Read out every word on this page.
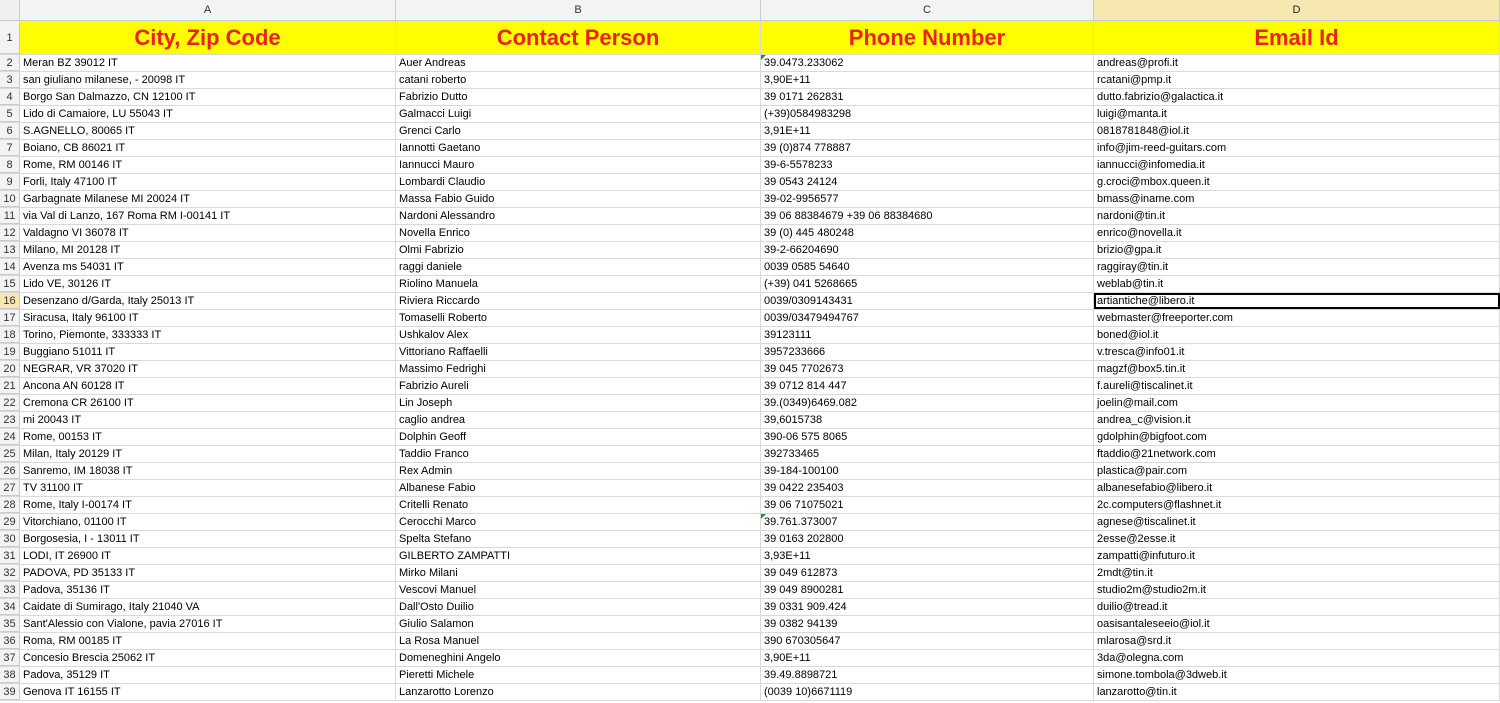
A	B	C	D
1	City, Zip Code	Contact Person	Phone Number	Email Id
2 Meran BZ 39012 IT	Auer Andreas	39.0473.233062	andreas@profi.it
3 san giuliano milanese, - 20098 IT	catani roberto	3,90E+11	rcatani@pmp.it
4 Borgo San Dalmazzo, CN 12100 IT	Fabrizio Dutto	39 0171 262831	dutto.fabrizio@galactica.it
5 Lido di Camaiore, LU 55043 IT	Galmacci Luigi	(+39)0584983298	luigi@manta.it
6 S.AGNELLO, 80065 IT	Grenci Carlo	3,91E+11	0818781848@iol.it
7 Boiano, CB 86021 IT	Iannotti Gaetano	39 (0)874 778887	info@jim-reed-guitars.com
8 Rome, RM 00146 IT	Iannucci Mauro	39-6-5578233	iannucci@infomedia.it
9 Forli, Italy 47100 IT	Lombardi Claudio	39 0543 24124	g.croci@mbox.queen.it
10 Garbagnate Milanese MI 20024 IT	Massa Fabio Guido	39-02-9956577	bmass@iname.com
11 via Val di Lanzo, 167 Roma RM I-00141 IT	Nardoni Alessandro	39 06 88384679 +39 06 88384680	nardoni@tin.it
12 Valdagno VI 36078 IT	Novella Enrico	39 (0) 445 480248	enrico@novella.it
13 Milano, MI 20128 IT	Olmi Fabrizio	39-2-66204690	brizio@gpa.it
14 Avenza ms 54031 IT	raggi daniele	0039 0585 54640	raggiray@tin.it
15 Lido VE, 30126 IT	Riolino Manuela	(+39) 041 5268665	weblab@tin.it
16 Desenzano d/Garda, Italy 25013 IT	Riviera Riccardo	0039/0309143431	artiantiche@libero.it
17 Siracusa, Italy 96100 IT	Tomaselli Roberto	0039/03479494767	webmaster@freeporter.com
18 Torino, Piemonte, 333333 IT	Ushkalov Alex	39123111	boned@iol.it
19 Buggiano 51011 IT	Vittoriano Raffaelli	3957233666	v.tresca@info01.it
20 NEGRAR, VR 37020 IT	Massimo Fedrighi	39 045 7702673	magzf@box5.tin.it
21 Ancona AN 60128 IT	Fabrizio Aureli	39 0712 814 447	f.aureli@tiscalinet.it
22 Cremona CR 26100 IT	Lin Joseph	39.(0349)6469.082	joelin@mail.com
23 mi 20043 IT	caglio andrea	39,6015738	andrea_c@vision.it
24 Rome, 00153 IT	Dolphin Geoff	390-06 575 8065	gdolphin@bigfoot.com
25 Milan, Italy 20129 IT	Taddio Franco	392733465	ftaddio@21network.com
26 Sanremo, IM 18038 IT	Rex Admin	39-184-100100	plastica@pair.com
27 TV 31100 IT	Albanese Fabio	39 0422 235403	albanesefabio@libero.it
28 Rome, Italy I-00174 IT	Critelli Renato	39 06 71075021	2c.computers@flashnet.it
29 Vitorchiano, 01100 IT	Cerocchi Marco	39.761.373007	agnese@tiscalinet.it
30 Borgosesia, I - 13011 IT	Spelta Stefano	39 0163 202800	2esse@2esse.it
31 LODI, IT 26900 IT	GILBERTO ZAMPATTI	3,93E+11	zampatti@infuturo.it
32 PADOVA, PD 35133 IT	Mirko Milani	39 049 612873	2mdt@tin.it
33 Padova, 35136 IT	Vescovi Manuel	39 049 8900281	studio2m@studio2m.it
34 Caidate di Sumirago, Italy 21040 VA	Dall'Osto Duilio	39 0331 909.424	duilio@tread.it
35 Sant'Alessio con Vialone, pavia 27016 IT	Giulio Salamon	39 0382 94139	oasisantaleseeio@iol.it
36 Roma, RM 00185 IT	La Rosa Manuel	390 670305647	mlarosa@srd.it
37 Concesio Brescia 25062 IT	Domeneghini Angelo	3,90E+11	3da@olegna.com
38 Padova, 35129 IT	Pieretti Michele	39.49.8898721	simone.tombola@3dweb.it
39 Genova IT 16155 IT	Lanzarotto Lorenzo	(0039 10)6671119	lanzarotto@tin.it
